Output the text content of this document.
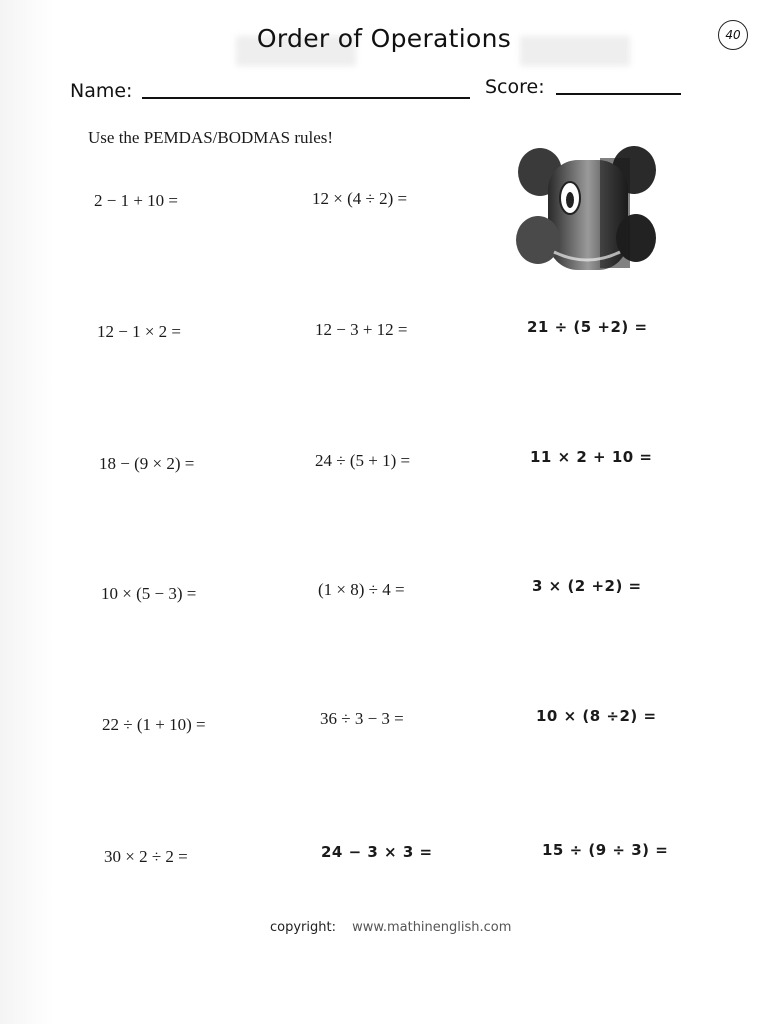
Order of Operations	40
Name:	Score:
Use the PEMDAS/BODMAS rules!
2 − 1 + 10 =	12 × (4 ÷ 2) =
12 − 1 × 2 =	12 − 3 + 12 =	21 ÷ (5 +2) =
18 − (9 × 2) =	24 ÷ (5 + 1) =	11 × 2 + 10 =
10 × (5 − 3) =	(1 × 8) ÷ 4 =	3 × (2 +2) =
22 ÷ (1 + 10) =	36 ÷ 3 − 3 =	10 × (8 ÷2) =
30 × 2 ÷ 2 =	24 − 3 × 3 =	15 ÷ (9 ÷ 3) =
copyright: www.mathinenglish.com
